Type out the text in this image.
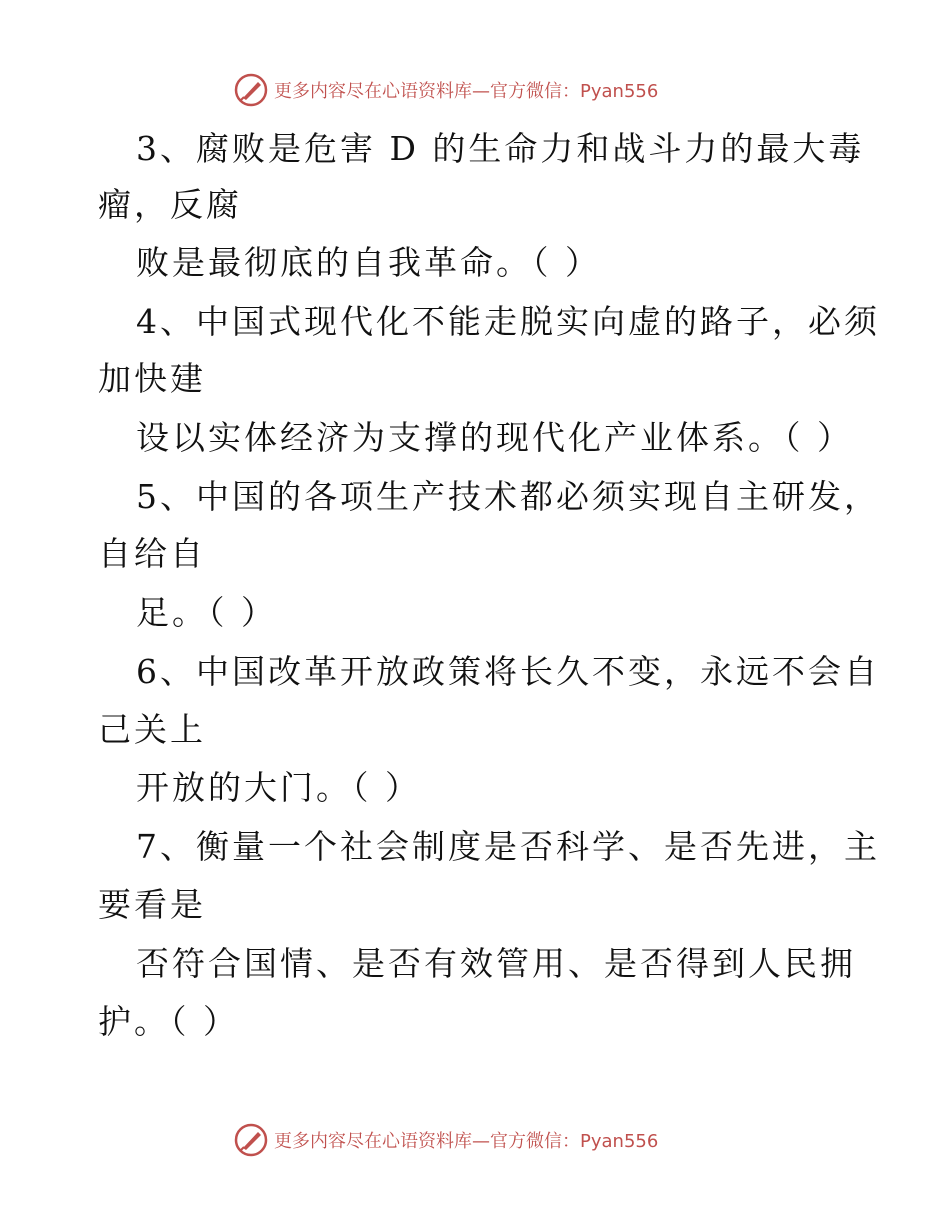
更多内容尽在心语资料库—官方微信：Pyan556
3、腐败是危害 D 的生命力和战斗力的最大毒
瘤，反腐
败是最彻底的自我革命。（ ）
4、中国式现代化不能走脱实向虚的路子，必须
加快建
设以实体经济为支撑的现代化产业体系。（ ）
5、中国的各项生产技术都必须实现自主研发，
自给自
足。（ ）
6、中国改革开放政策将长久不变，永远不会自
己关上
开放的大门。（ ）
7、衡量一个社会制度是否科学、是否先进，主
要看是
否符合国情、是否有效管用、是否得到人民拥
护。（ ）
更多内容尽在心语资料库—官方微信：Pyan556
